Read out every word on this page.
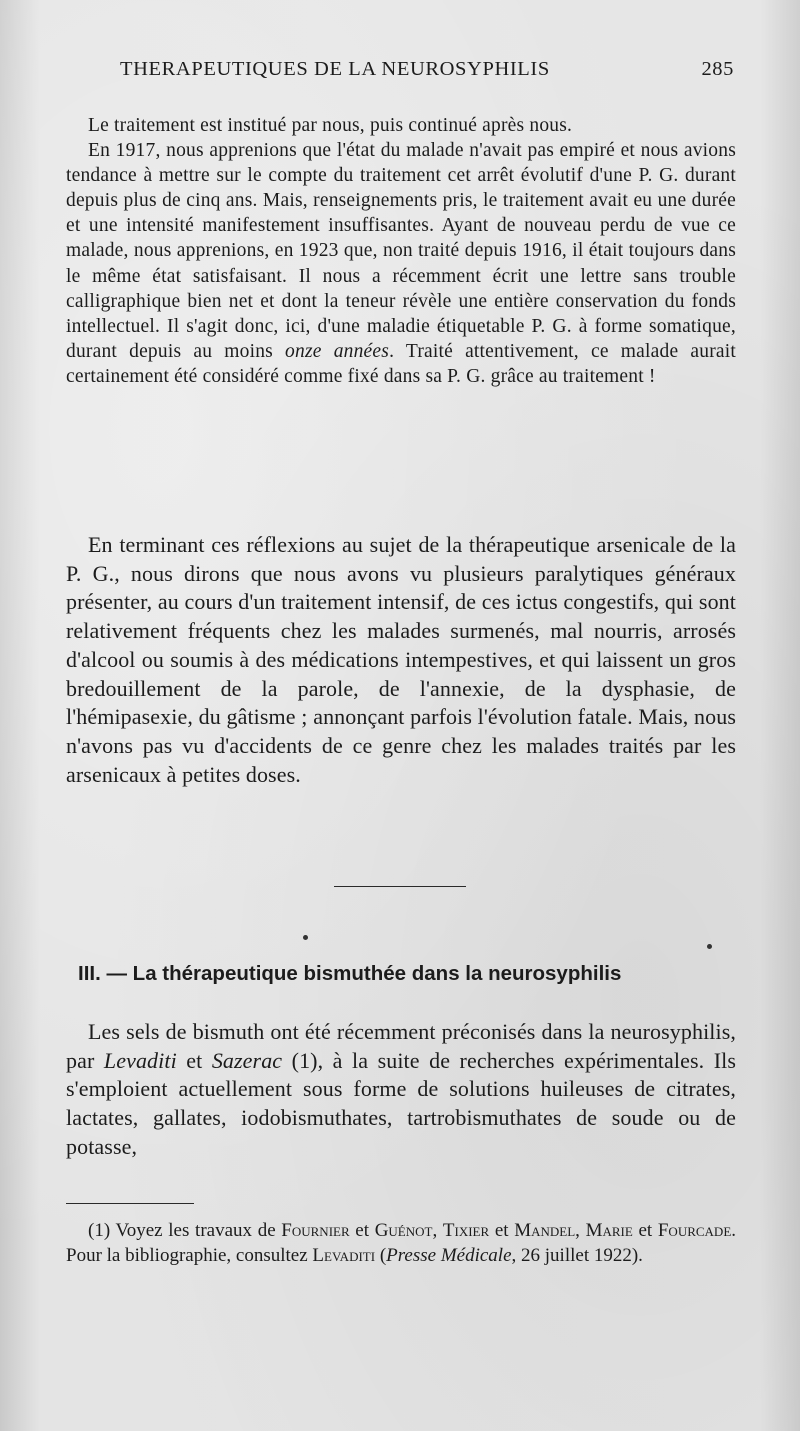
THERAPEUTIQUES DE LA NEUROSYPHILIS	285

Le traitement est institué par nous, puis continué après nous.

En 1917, nous apprenions que l'état du malade n'avait pas empiré et nous avions tendance à mettre sur le compte du traitement cet arrêt évolutif d'une P. G. durant depuis plus de cinq ans. Mais, renseignements pris, le traitement avait eu une durée et une intensité manifestement insuffisantes. Ayant de nouveau perdu de vue ce malade, nous apprenions, en 1923 que, non traité depuis 1916, il était toujours dans le même état satisfaisant. Il nous a récemment écrit une lettre sans trouble calligraphique bien net et dont la teneur révèle une entière conservation du fonds intellectuel. Il s'agit donc, ici, d'une maladie étiquetable P. G. à forme somatique, durant depuis au moins onze années. Traité attentivement, ce malade aurait certainement été considéré comme fixé dans sa P. G. grâce au traitement !

En terminant ces réflexions au sujet de la thérapeutique arsenicale de la P. G., nous dirons que nous avons vu plusieurs paralytiques généraux présenter, au cours d'un traitement intensif, de ces ictus congestifs, qui sont relativement fréquents chez les malades surmenés, mal nourris, arrosés d'alcool ou soumis à des médications intempestives, et qui laissent un gros bredouillement de la parole, de l'annexie, de la dysphasie, de l'hémipasexie, du gâtisme ; annonçant parfois l'évolution fatale. Mais, nous n'avons pas vu d'accidents de ce genre chez les malades traités par les arsenicaux à petites doses.

III. — La thérapeutique bismuthée dans la neurosyphilis

Les sels de bismuth ont été récemment préconisés dans la neurosyphilis, par Levaditi et Sazerac (1), à la suite de recherches expérimentales. Ils s'emploient actuellement sous forme de solutions huileuses de citrates, lactates, gallates, iodobismuthates, tartrobismuthates de soude ou de potasse,

(1) Voyez les travaux de Fournier et Guénot, Tixier et Mandel, Marie et Fourcade. Pour la bibliographie, consultez Levaditi (Presse Médicale, 26 juillet 1922).
